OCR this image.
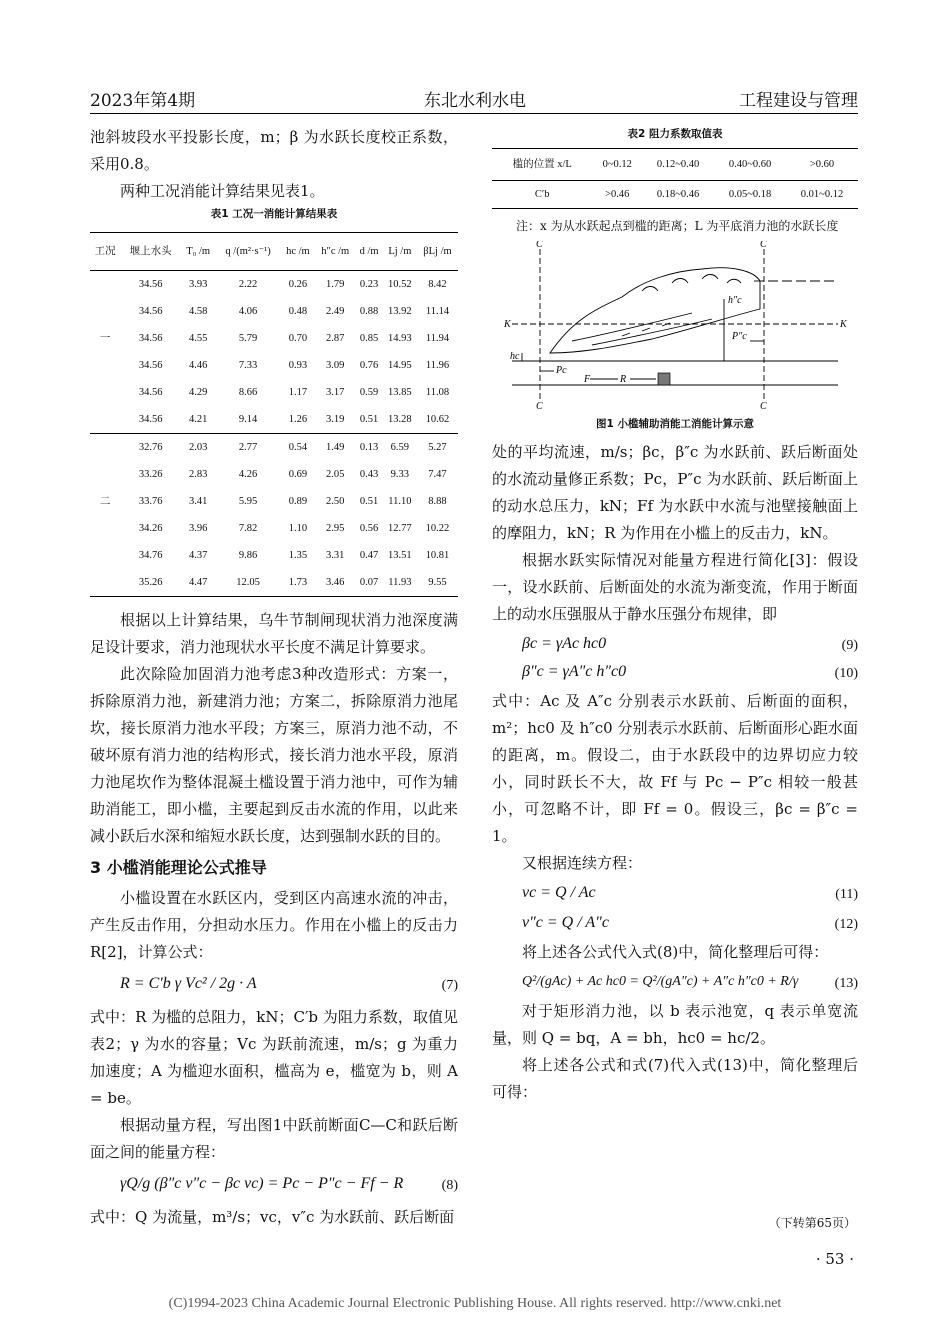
2023年第4期	东北水利水电	工程建设与管理

池斜坡段水平投影长度，m；β 为水跃长度校正系数，采用0.8。

两种工况消能计算结果见表1。

表1 工况一消能计算结果表
工况	堰上水头	T₀ /m	q /(m²·s⁻¹)	hc /m	h″c /m	d /m	Lj /m	βLj /m
	34.56	3.93	2.22	0.26	1.79	0.23	10.52	8.42
	34.56	4.58	4.06	0.48	2.49	0.88	13.92	11.14
一	34.56	4.55	5.79	0.70	2.87	0.85	14.93	11.94
	34.56	4.46	7.33	0.93	3.09	0.76	14.95	11.96
	34.56	4.29	8.66	1.17	3.17	0.59	13.85	11.08
	34.56	4.21	9.14	1.26	3.19	0.51	13.28	10.62
	32.76	2.03	2.77	0.54	1.49	0.13	6.59	5.27
	33.26	2.83	4.26	0.69	2.05	0.43	9.33	7.47
二	33.76	3.41	5.95	0.89	2.50	0.51	11.10	8.88
	34.26	3.96	7.82	1.10	2.95	0.56	12.77	10.22
	34.76	4.37	9.86	1.35	3.31	0.47	13.51	10.81
	35.26	4.47	12.05	1.73	3.46	0.07	11.93	9.55

根据以上计算结果，乌牛节制闸现状消力池深度满足设计要求，消力池现状水平长度不满足计算要求。

此次除险加固消力池考虑3种改造形式：方案一，拆除原消力池，新建消力池；方案二，拆除原消力池尾坎，接长原消力池水平段；方案三，原消力池不动，不破坏原有消力池的结构形式，接长消力池水平段，原消力池尾坎作为整体混凝土槛设置于消力池中，可作为辅助消能工，即小槛，主要起到反击水流的作用，以此来减小跃后水深和缩短水跃长度，达到强制水跃的目的。

3 小槛消能理论公式推导

小槛设置在水跃区内，受到区内高速水流的冲击，产生反击作用，分担动水压力。作用在小槛上的反击力 R[2]，计算公式：

R = C′b γ Vc² / 2g · A	(7)

式中：R 为槛的总阻力，kN；C′b 为阻力系数，取值见表2；γ 为水的容量；Vc 为跃前流速，m/s；g 为重力加速度；A 为槛迎水面积，槛高为 e，槛宽为 b，则 A = be。

根据动量方程，写出图1中跃前断面C—C和跃后断面之间的能量方程：

γQ/g (β″c v″c − βc vc) = Pc − P″c − Ff − R	(8)

式中：Q 为流量，m³/s；vc，v″c 为水跃前、跃后断面

表2 阻力系数取值表
槛的位置 x/L	0~0.12	0.12~0.40	0.40~0.60	>0.60
C′b	>0.46	0.18~0.46	0.05~0.18	0.01~0.12
注：x 为从水跃起点到槛的距离；L 为平底消力池的水跃长度
C	C
C	C
K	K
F	R
hc
h″c
Pc
P″c
图1 小槛辅助消能工消能计算示意

处的平均流速，m/s；βc，β″c 为水跃前、跃后断面处的水流动量修正系数；Pc，P″c 为水跃前、跃后断面上的动水总压力，kN；Ff 为水跃中水流与池壁接触面上的摩阻力，kN；R 为作用在小槛上的反击力，kN。

根据水跃实际情况对能量方程进行简化[3]：假设一，设水跃前、后断面处的水流为渐变流，作用于断面上的动水压强服从于静水压强分布规律，即

βc = γAc hc0	(9)
β″c = γA″c h″c0	(10)

式中：Ac 及 A″c 分别表示水跃前、后断面的面积，m²；hc0 及 h″c0 分别表示水跃前、后断面形心距水面的距离，m。假设二，由于水跃段中的边界切应力较小，同时跃长不大，故 Ff 与 Pc − P″c 相较一般甚小，可忽略不计，即 Ff = 0。假设三，βc = β″c = 1。

又根据连续方程：

vc = Q / Ac	(11)
v″c = Q / A″c	(12)

将上述各公式代入式(8)中，简化整理后可得：

Q²/(gAc) + Ac hc0 = Q²/(gA″c) + A″c h″c0 + R/γ	(13)

对于矩形消力池，以 b 表示池宽，q 表示单宽流量，则 Q = bq，A = bh，hc0 = hc/2。

将上述各公式和式(7)代入式(13)中，简化整理后可得：

（下转第65页）
· 53 ·
(C)1994-2023 China Academic Journal Electronic Publishing House. All rights reserved. http://www.cnki.net
